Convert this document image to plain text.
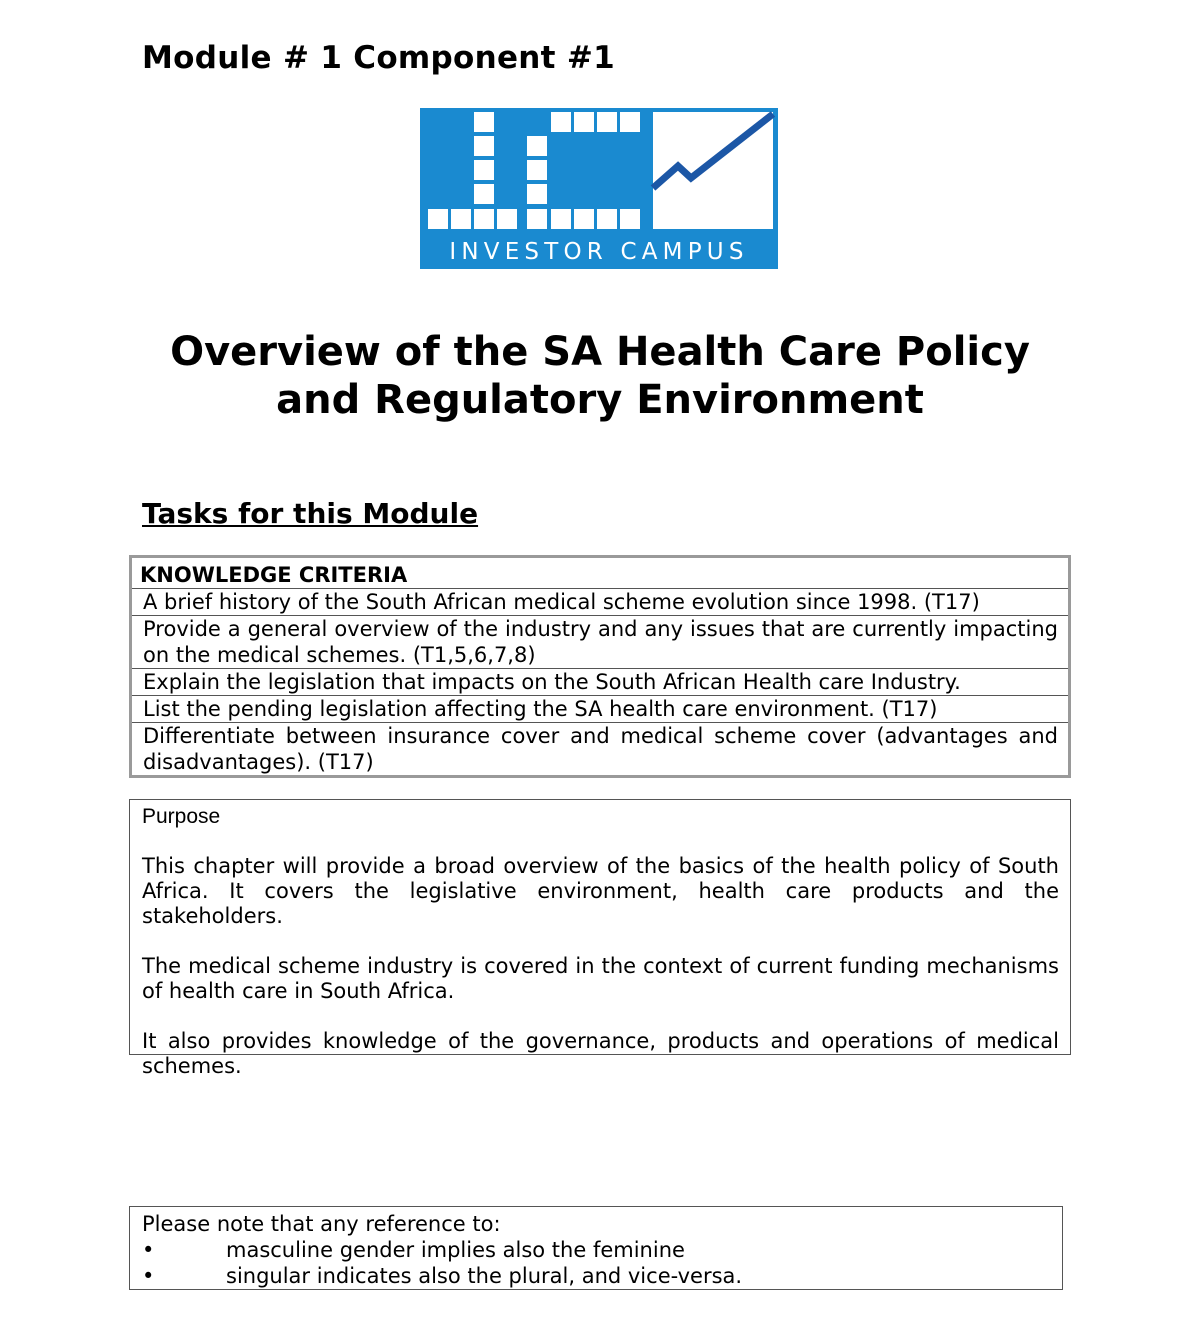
Module # 1 Component #1
INVESTOR CAMPUS
Overview of the SA Health Care Policy
and Regulatory Environment
Tasks for this Module
KNOWLEDGE CRITERIA
A brief history of the South African medical scheme evolution since 1998. (T17)
Provide a general overview of the industry and any issues that are currently impacting on the medical schemes. (T1,5,6,7,8)
Explain the legislation that impacts on the South African Health care Industry.
List the pending legislation affecting the SA health care environment. (T17)
Differentiate between insurance cover and medical scheme cover (advantages and disadvantages). (T17)

Purpose

This chapter will provide a broad overview of the basics of the health policy of South Africa. It covers the legislative environment, health care products and the stakeholders.

The medical scheme industry is covered in the context of current funding mechanisms of health care in South Africa.

It also provides knowledge of the governance, products and operations of medical schemes.

Please note that any reference to:
•	masculine gender implies also the feminine
•	singular indicates also the plural, and vice-versa.
